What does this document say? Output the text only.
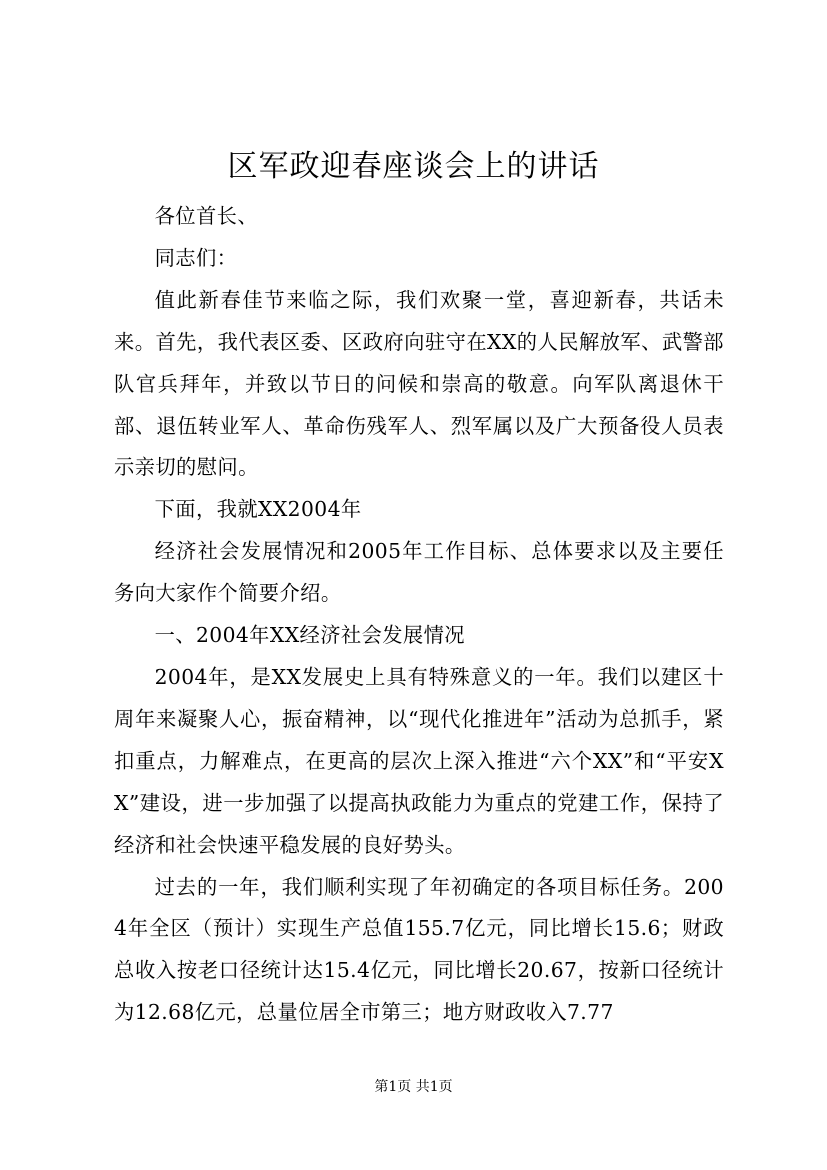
区军政迎春座谈会上的讲话

各位首长、

同志们：

值此新春佳节来临之际，我们欢聚一堂，喜迎新春，共话未来。首先，我代表区委、区政府向驻守在XX的人民解放军、武警部队官兵拜年，并致以节日的问候和崇高的敬意。向军队离退休干部、退伍转业军人、革命伤残军人、烈军属以及广大预备役人员表示亲切的慰问。

下面，我就XX2004年

经济社会发展情况和2005年工作目标、总体要求以及主要任务向大家作个简要介绍。

一、2004年XX经济社会发展情况

2004年，是XX发展史上具有特殊意义的一年。我们以建区十周年来凝聚人心，振奋精神，以“现代化推进年”活动为总抓手，紧扣重点，力解难点，在更高的层次上深入推进“六个XX”和“平安XX”建设，进一步加强了以提高执政能力为重点的党建工作，保持了经济和社会快速平稳发展的良好势头。

过去的一年，我们顺利实现了年初确定的各项目标任务。2004年全区（预计）实现生产总值155.7亿元，同比增长15.6；财政总收入按老口径统计达15.4亿元，同比增长20.67，按新口径统计为12.68亿元，总量位居全市第三；地方财政收入7.77

第1页 共1页
